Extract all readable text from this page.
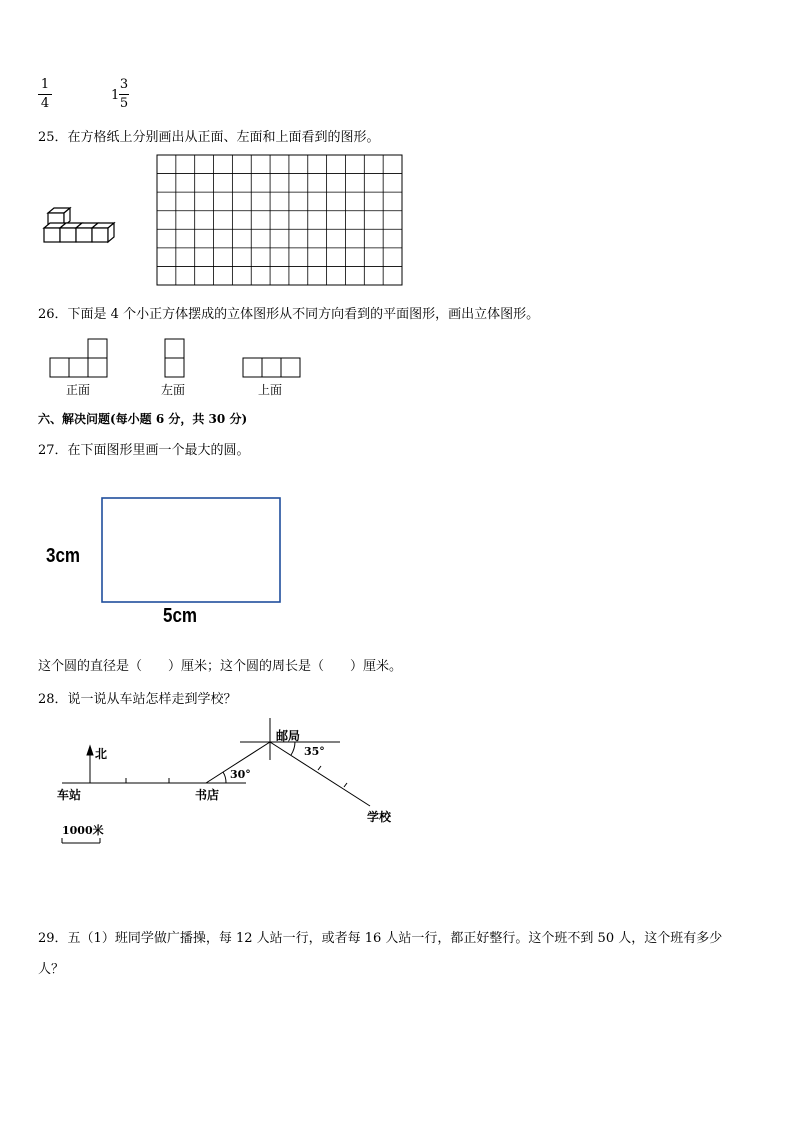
1
4
1
3
5
25．在方格纸上分别画出从正面、左面和上面看到的图形。
26．下面是 4 个小正方体摆成的立体图形从不同方向看到的平面图形，画出立体图形。
正面	左面	上面
六、解决问题(每小题 6 分，共 30 分)
27．在下面图形里画一个最大的圆。
3cm
5cm
这个圆的直径是（　　）厘米；这个圆的周长是（　　）厘米。
28．说一说从车站怎样走到学校？
北
车站	书店
30°
邮局
35°
学校
1000米
29．五（1）班同学做广播操，每 12 人站一行，或者每 16 人站一行，都正好整行。这个班不到 50 人，这个班有多少
人？
